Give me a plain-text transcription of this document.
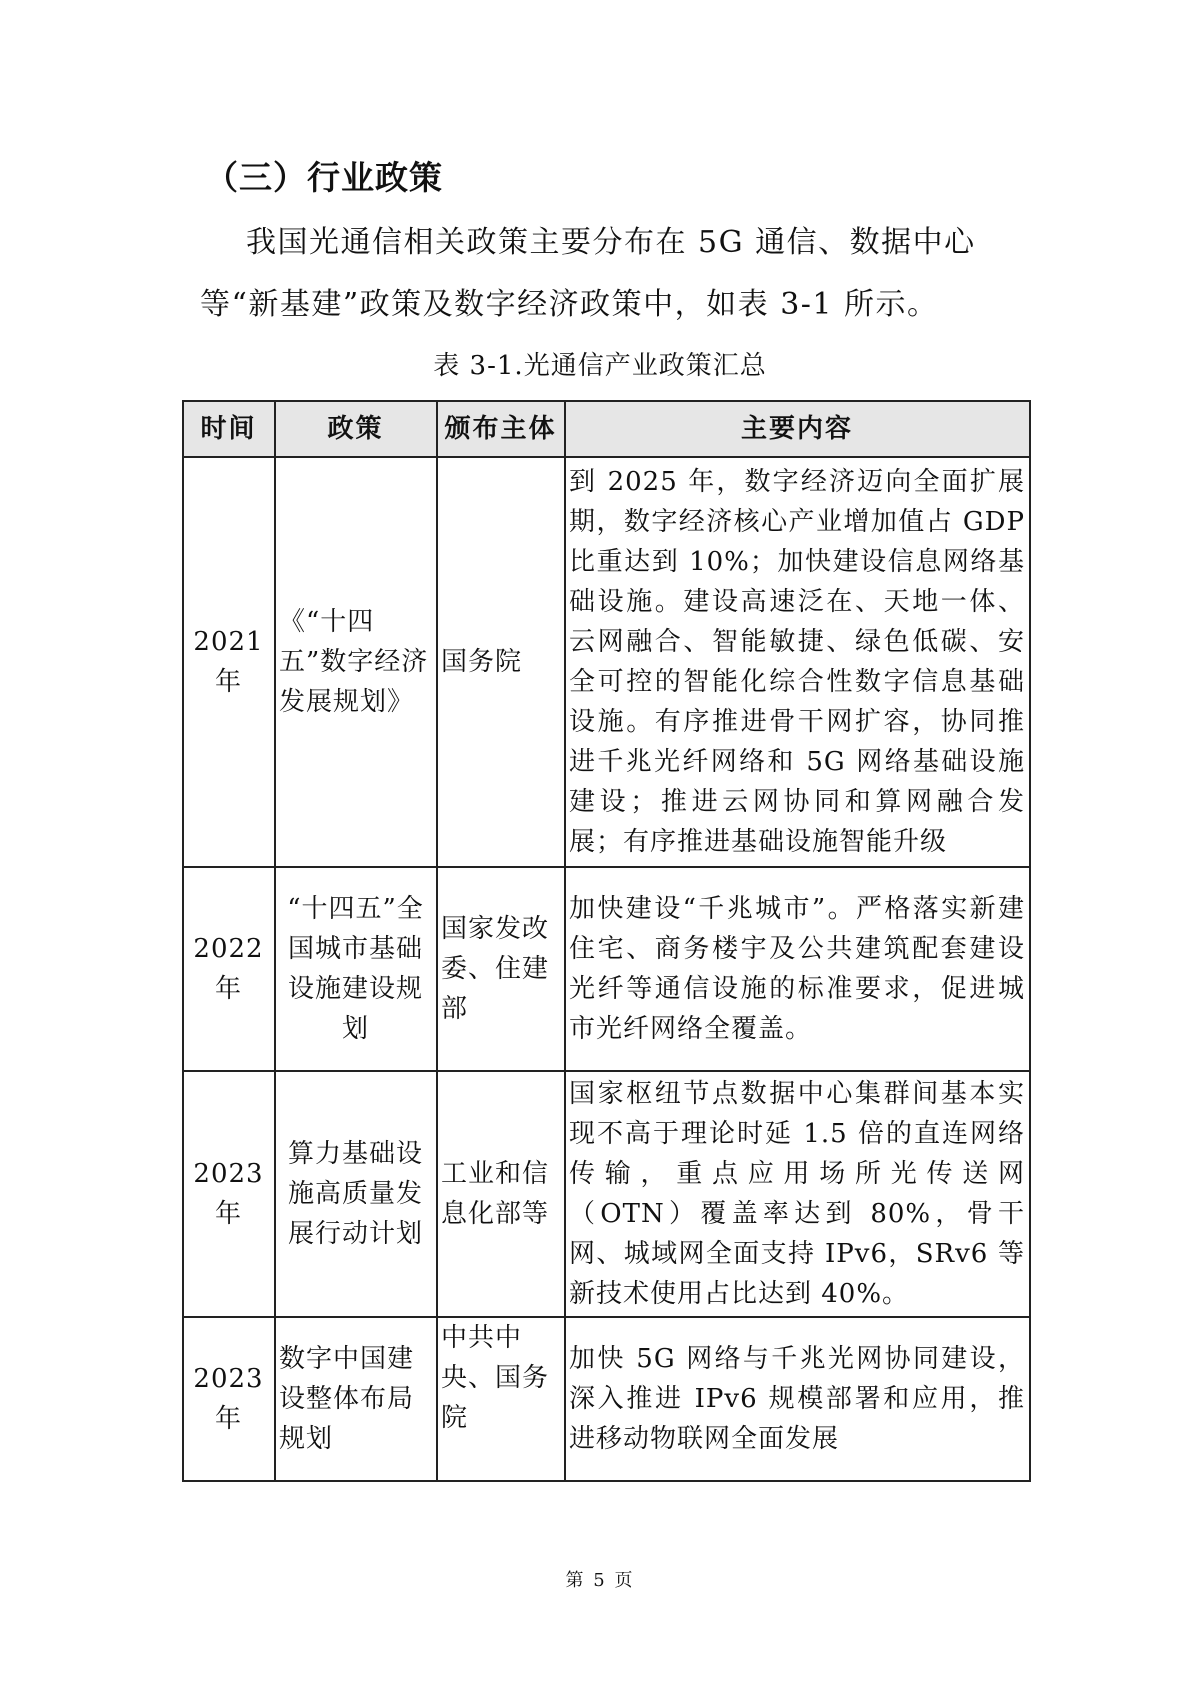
（三）行业政策
我国光通信相关政策主要分布在 5G 通信、数据中心等“新基建”政策及数字经济政策中，如表 3-1 所示。
表 3-1.光通信产业政策汇总
时间	政策	颁布主体	主要内容
2021 年	《“十四五”数字经济发展规划》	国务院	到 2025 年，数字经济迈向全面扩展期，数字经济核心产业增加值占 GDP 比重达到 10%；加快建设信息网络基础设施。建设高速泛在、天地一体、云网融合、智能敏捷、绿色低碳、安全可控的智能化综合性数字信息基础设施。有序推进骨干网扩容，协同推进千兆光纤网络和 5G 网络基础设施建设；推进云网协同和算网融合发展；有序推进基础设施智能升级
2022 年	“十四五”全国城市基础设施建设规划	国家发改委、住建部	加快建设“千兆城市”。严格落实新建住宅、商务楼宇及公共建筑配套建设光纤等通信设施的标准要求，促进城市光纤网络全覆盖。
2023 年	算力基础设施高质量发展行动计划	工业和信息化部等	国家枢纽节点数据中心集群间基本实现不高于理论时延 1.5 倍的直连网络传输，重点应用场所光传送网（OTN）覆盖率达到 80%，骨干网、城域网全面支持 IPv6，SRv6 等新技术使用占比达到 40%。
2023 年	数字中国建设整体布局规划	中共中央、国务院	加快 5G 网络与千兆光网协同建设，深入推进 IPv6 规模部署和应用，推进移动物联网全面发展
第 5 页
